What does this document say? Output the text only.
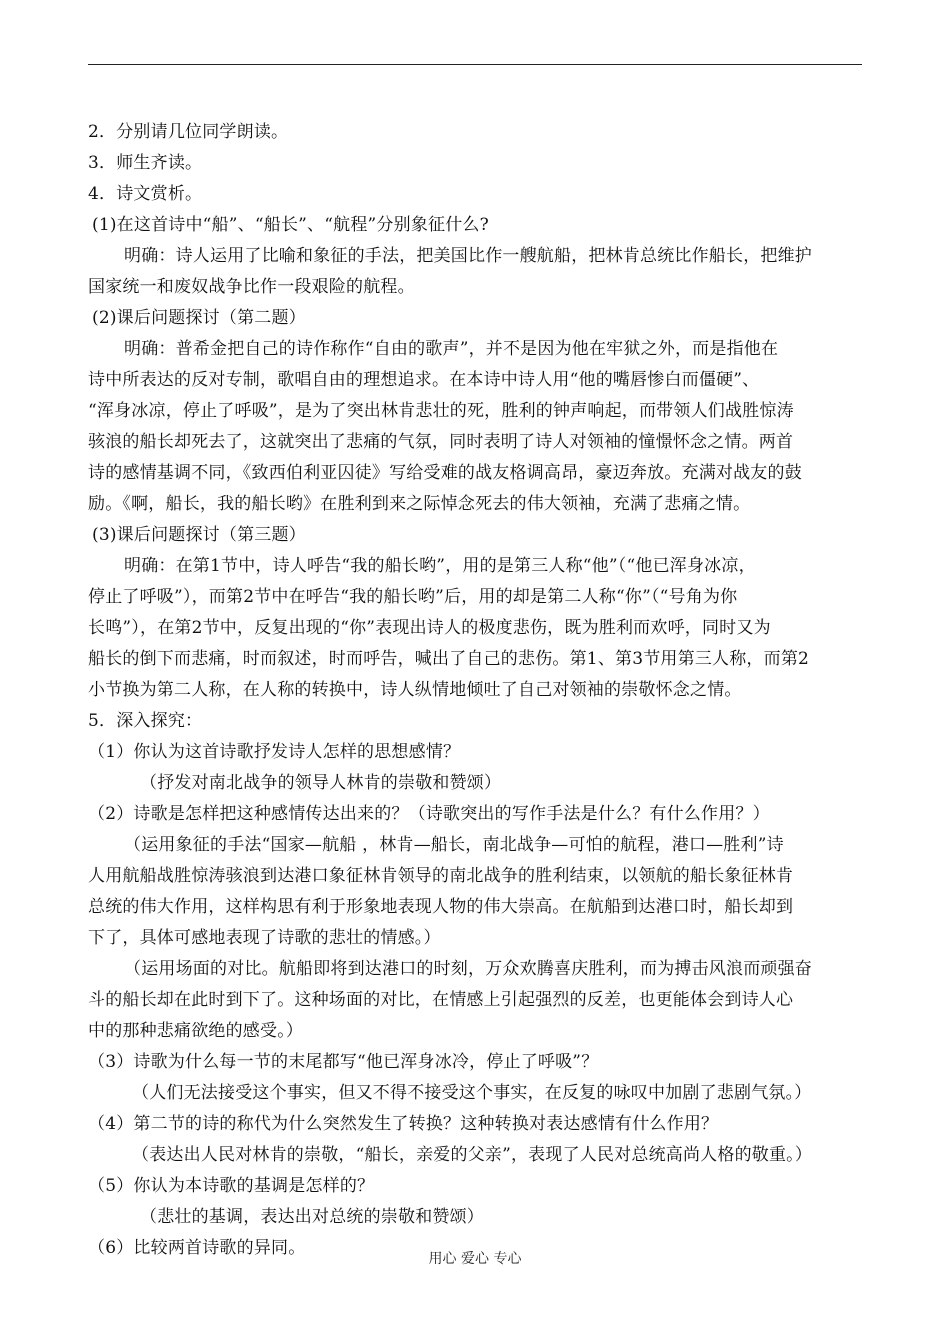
2．分别请几位同学朗读。
3．师生齐读。
4．诗文赏析。
(1)在这首诗中“船”、“船长”、“航程”分别象征什么?
明确：诗人运用了比喻和象征的手法，把美国比作一艘航船，把林肯总统比作船长，把维护
国家统一和废奴战争比作一段艰险的航程。
(2)课后问题探讨（第二题）
明确：普希金把自己的诗作称作“自由的歌声”，并不是因为他在牢狱之外，而是指他在
诗中所表达的反对专制，歌唱自由的理想追求。在本诗中诗人用“他的嘴唇惨白而僵硬”、
“浑身冰凉，停止了呼吸”，是为了突出林肯悲壮的死，胜利的钟声响起，而带领人们战胜惊涛
骇浪的船长却死去了，这就突出了悲痛的气氛，同时表明了诗人对领袖的憧憬怀念之情。两首
诗的感情基调不同，《致西伯利亚囚徒》写给受难的战友格调高昂，豪迈奔放。充满对战友的鼓
励。《啊，船长，我的船长哟》在胜利到来之际悼念死去的伟大领袖，充满了悲痛之情。
(3)课后问题探讨（第三题）
明确：在第1节中，诗人呼告“我的船长哟”，用的是第三人称“他”（“他已浑身冰凉，
停止了呼吸”），而第2节中在呼告“我的船长哟”后，用的却是第二人称“你”（“号角为你
长鸣”），在第2节中，反复出现的“你”表现出诗人的极度悲伤，既为胜利而欢呼，同时又为
船长的倒下而悲痛，时而叙述，时而呼告，喊出了自己的悲伤。第1、第3节用第三人称，而第2
小节换为第二人称，在人称的转换中，诗人纵情地倾吐了自己对领袖的崇敬怀念之情。
5．深入探究：
（1）你认为这首诗歌抒发诗人怎样的思想感情？
（抒发对南北战争的领导人林肯的崇敬和赞颂）
（2）诗歌是怎样把这种感情传达出来的？（诗歌突出的写作手法是什么？有什么作用？）
（运用象征的手法“国家—航船 ，林肯—船长，南北战争—可怕的航程，港口—胜利”诗
人用航船战胜惊涛骇浪到达港口象征林肯领导的南北战争的胜利结束，以领航的船长象征林肯
总统的伟大作用，这样构思有利于形象地表现人物的伟大崇高。在航船到达港口时，船长却到
下了，具体可感地表现了诗歌的悲壮的情感。）
（运用场面的对比。航船即将到达港口的时刻，万众欢腾喜庆胜利，而为搏击风浪而顽强奋
斗的船长却在此时到下了。这种场面的对比，在情感上引起强烈的反差，也更能体会到诗人心
中的那种悲痛欲绝的感受。）
（3）诗歌为什么每一节的末尾都写“他已浑身冰冷，停止了呼吸”？
（人们无法接受这个事实，但又不得不接受这个事实，在反复的咏叹中加剧了悲剧气氛。）
（4）第二节的诗的称代为什么突然发生了转换？这种转换对表达感情有什么作用？
（表达出人民对林肯的崇敬，“船长，亲爱的父亲”，表现了人民对总统高尚人格的敬重。）
（5）你认为本诗歌的基调是怎样的？
（悲壮的基调，表达出对总统的崇敬和赞颂）
（6）比较两首诗歌的异同。
用心 爱心 专心
